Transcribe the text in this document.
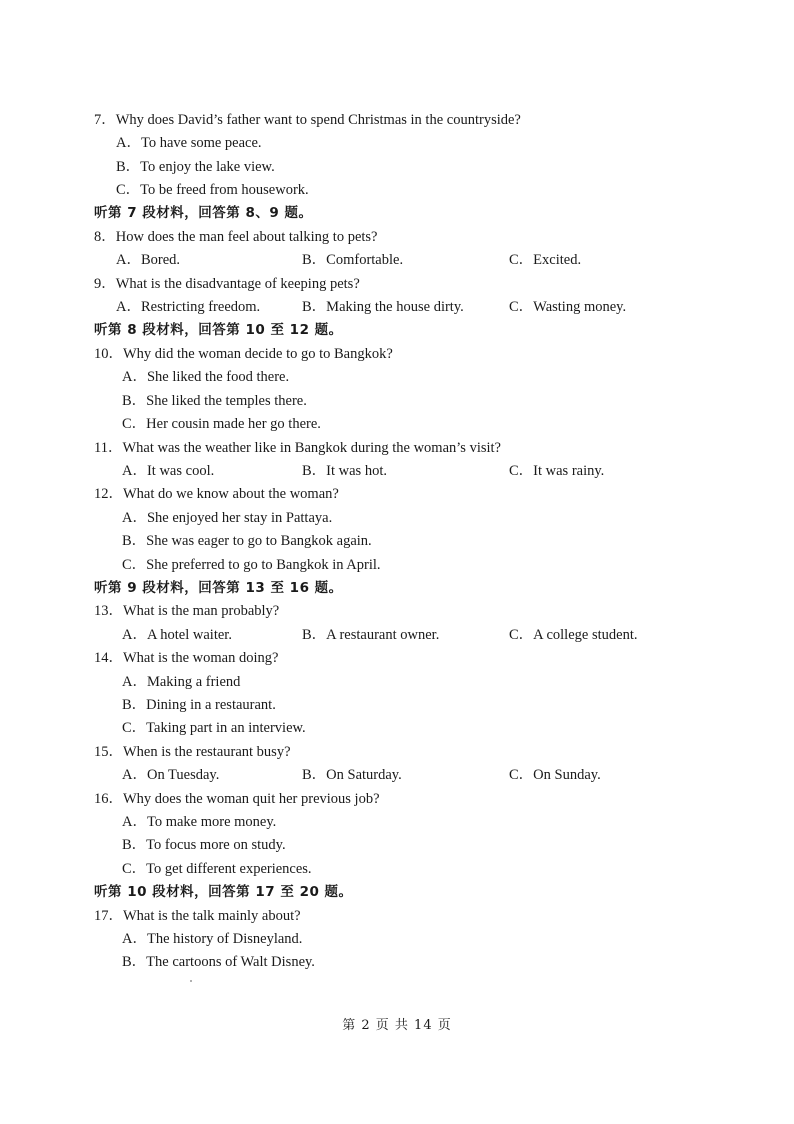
7．Why does David’s father want to spend Christmas in the countryside?
A．To have some peace.
B．To enjoy the lake view.
C．To be freed from housework.
听第 7 段材料，回答第 8、9 题。
8．How does the man feel about talking to pets?
A．Bored.	B．Comfortable.	C．Excited.
9．What is the disadvantage of keeping pets?
A．Restricting freedom.	B．Making the house dirty.	C．Wasting money.
听第 8 段材料，回答第 10 至 12 题。
10．Why did the woman decide to go to Bangkok?
A．She liked the food there.
B．She liked the temples there.
C．Her cousin made her go there.
11．What was the weather like in Bangkok during the woman’s visit?
A．It was cool.	B．It was hot.	C．It was rainy.
12．What do we know about the woman?
A．She enjoyed her stay in Pattaya.
B．She was eager to go to Bangkok again.
C．She preferred to go to Bangkok in April.
听第 9 段材料，回答第 13 至 16 题。
13．What is the man probably?
A．A hotel waiter.	B．A restaurant owner.	C．A college student.
14．What is the woman doing?
A．Making a friend
B．Dining in a restaurant.
C．Taking part in an interview.
15．When is the restaurant busy?
A．On Tuesday.	B．On Saturday.	C．On Sunday.
16．Why does the woman quit her previous job?
A．To make more money.
B．To focus more on study.
C．To get different experiences.
听第 10 段材料，回答第 17 至 20 题。
17．What is the talk mainly about?
A．The history of Disneyland.
B．The cartoons of Walt Disney.
第 2 页 共 14 页
